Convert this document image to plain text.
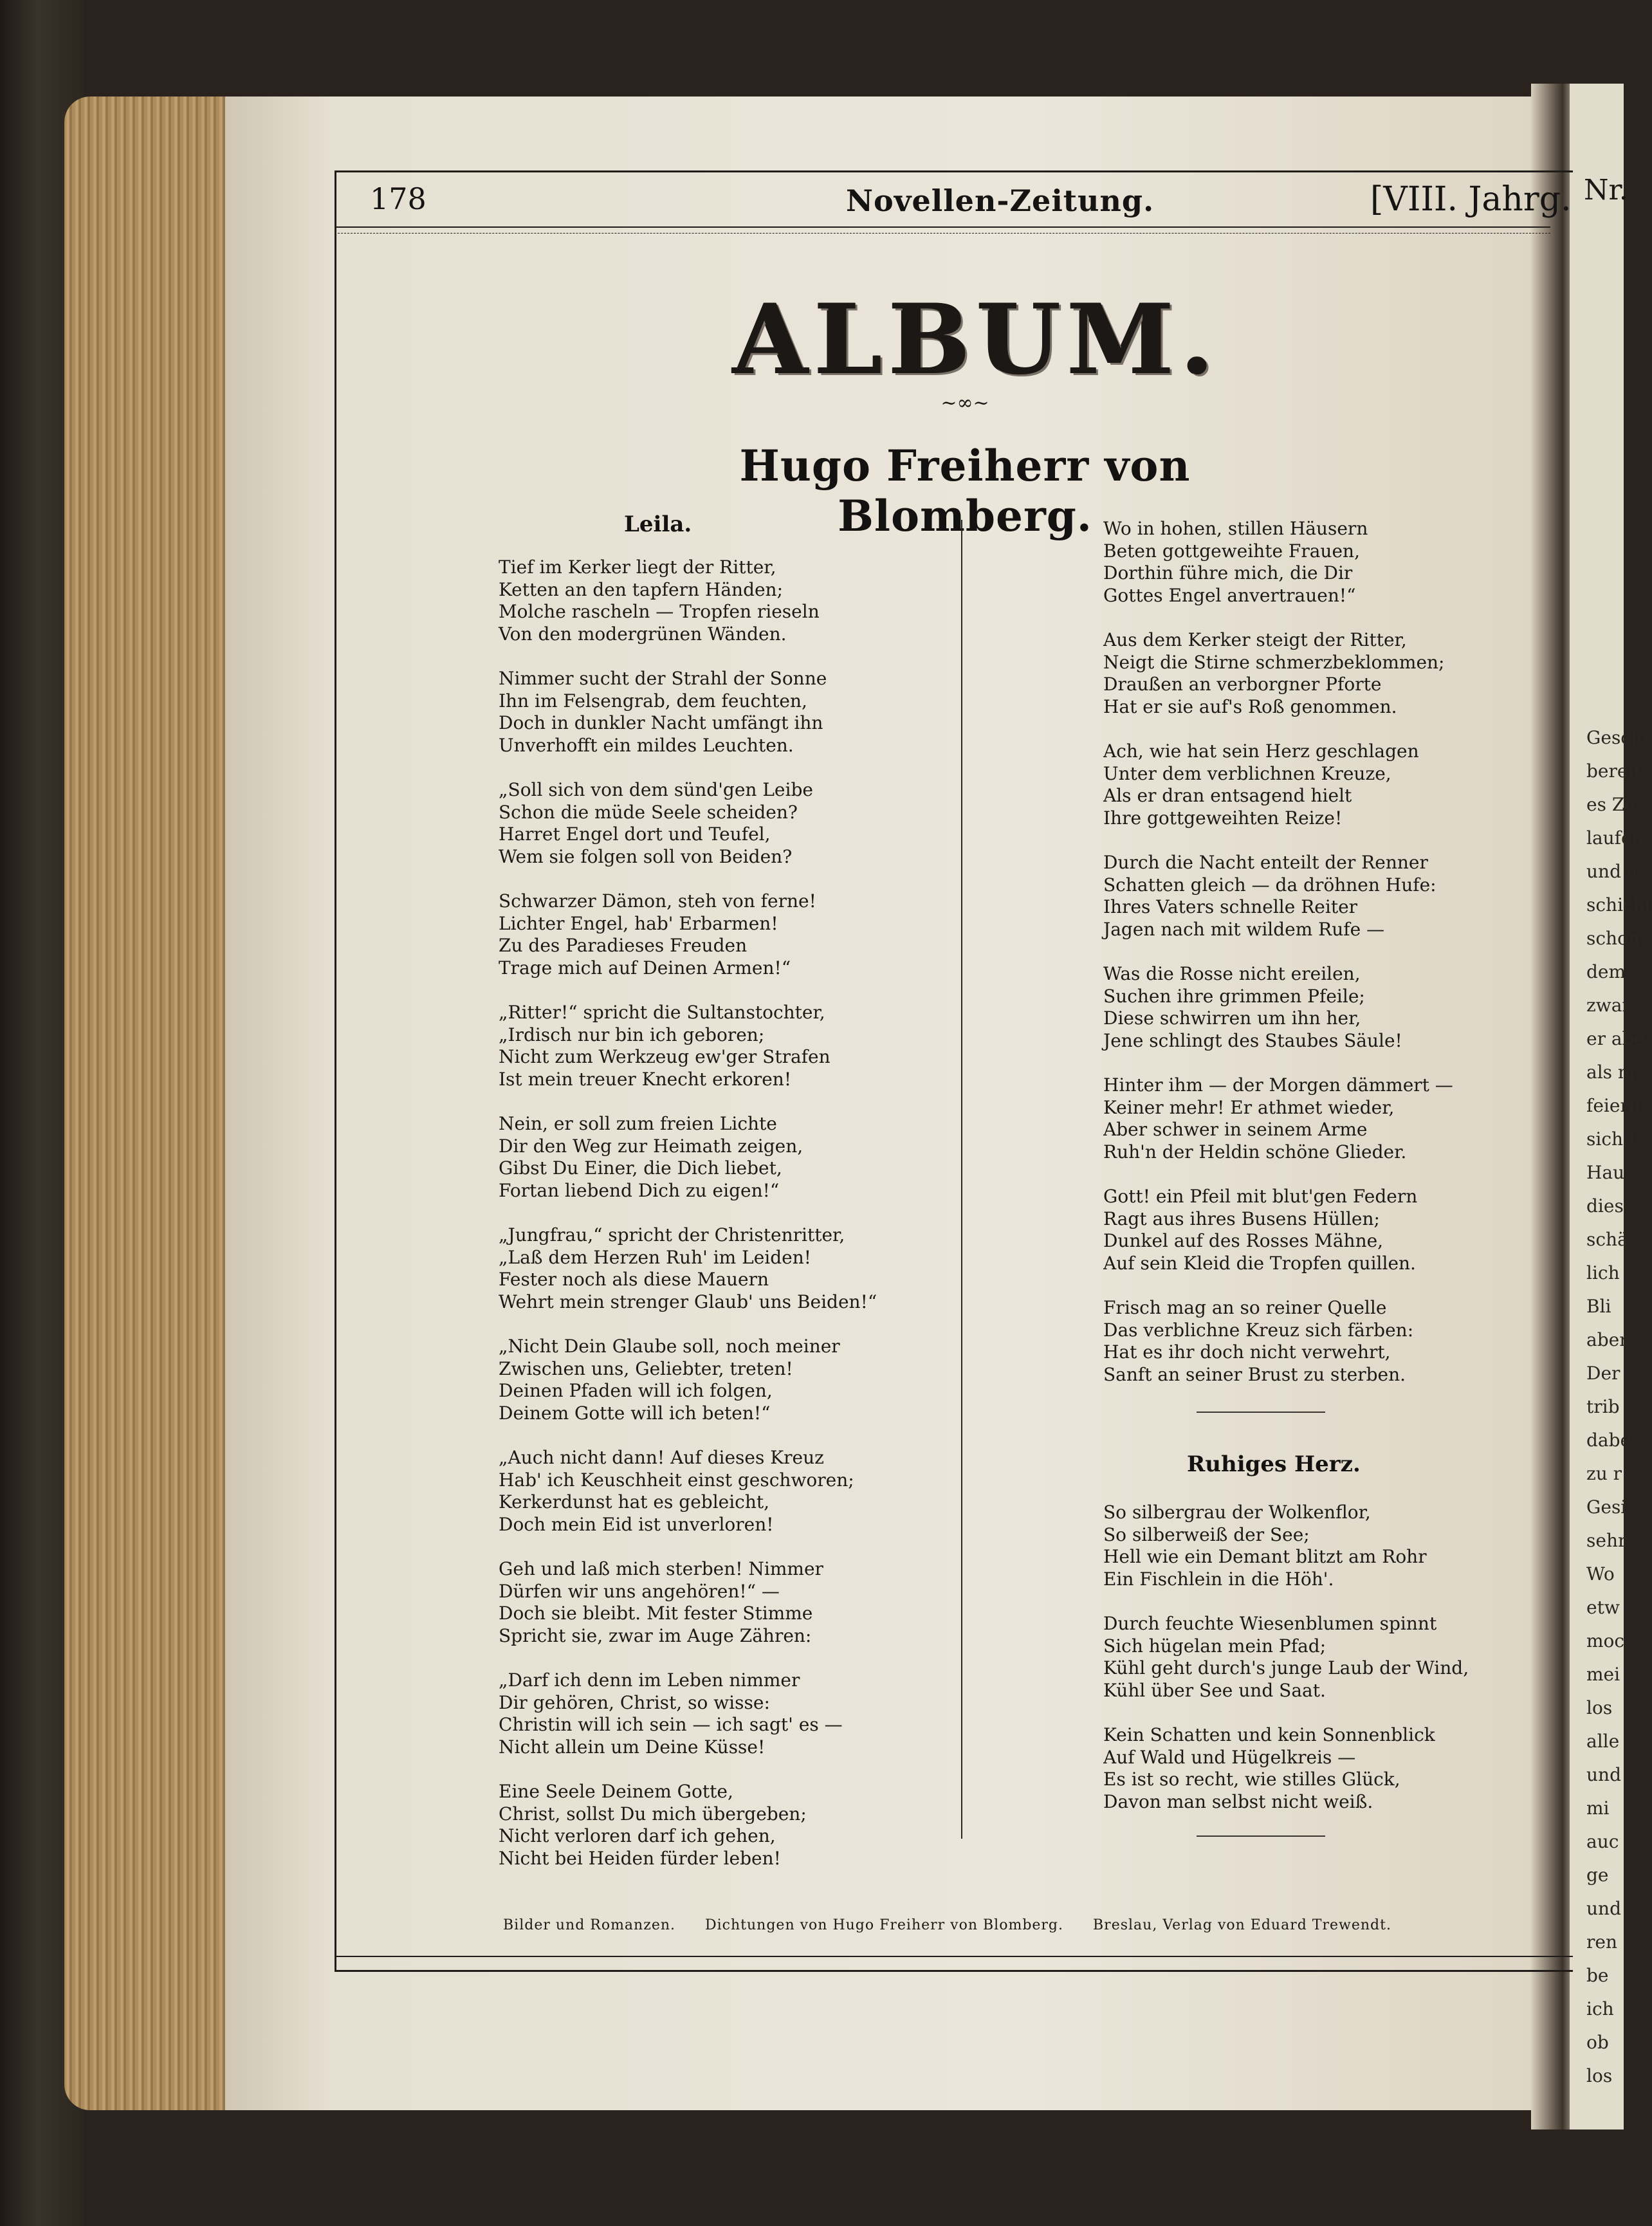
Nr.
Geschi
bereit
es Ze
laufen
und a
schicht
schon
dem
zwar
er abe
als m
feierli
sich l
Hau
dies
schä
lich
Bli
aber
Der
trib
dabe
zu r
Gesi
sehr
Wo
etw
moc
mei
los
alle
und
mi
auc
ge
und
ren
be
ich
ob
los
178	Novellen-Zeitung.	[VIII. Jahrg.
ALBUM.
~∞~
Hugo Freiherr von Blomberg.
Leila.
Tief im Kerker liegt der Ritter,
Ketten an den tapfern Händen;
Molche rascheln — Tropfen rieseln
Von den modergrünen Wänden.
Nimmer sucht der Strahl der Sonne
Ihn im Felsengrab, dem feuchten,
Doch in dunkler Nacht umfängt ihn
Unverhofft ein mildes Leuchten.
„Soll sich von dem sünd'gen Leibe
Schon die müde Seele scheiden?
Harret Engel dort und Teufel,
Wem sie folgen soll von Beiden?
Schwarzer Dämon, steh von ferne!
Lichter Engel, hab' Erbarmen!
Zu des Paradieses Freuden
Trage mich auf Deinen Armen!“
„Ritter!“ spricht die Sultanstochter,
„Irdisch nur bin ich geboren;
Nicht zum Werkzeug ew'ger Strafen
Ist mein treuer Knecht erkoren!
Nein, er soll zum freien Lichte
Dir den Weg zur Heimath zeigen,
Gibst Du Einer, die Dich liebet,
Fortan liebend Dich zu eigen!“
„Jungfrau,“ spricht der Christenritter,
„Laß dem Herzen Ruh' im Leiden!
Fester noch als diese Mauern
Wehrt mein strenger Glaub' uns Beiden!“
„Nicht Dein Glaube soll, noch meiner
Zwischen uns, Geliebter, treten!
Deinen Pfaden will ich folgen,
Deinem Gotte will ich beten!“
„Auch nicht dann! Auf dieses Kreuz
Hab' ich Keuschheit einst geschworen;
Kerkerdunst hat es gebleicht,
Doch mein Eid ist unverloren!
Geh und laß mich sterben! Nimmer
Dürfen wir uns angehören!“ —
Doch sie bleibt. Mit fester Stimme
Spricht sie, zwar im Auge Zähren:
„Darf ich denn im Leben nimmer
Dir gehören, Christ, so wisse:
Christin will ich sein — ich sagt' es —
Nicht allein um Deine Küsse!
Eine Seele Deinem Gotte,
Christ, sollst Du mich übergeben;
Nicht verloren darf ich gehen,
Nicht bei Heiden fürder leben!
Wo in hohen, stillen Häusern
Beten gottgeweihte Frauen,
Dorthin führe mich, die Dir
Gottes Engel anvertrauen!“
Aus dem Kerker steigt der Ritter,
Neigt die Stirne schmerzbeklommen;
Draußen an verborgner Pforte
Hat er sie auf's Roß genommen.
Ach, wie hat sein Herz geschlagen
Unter dem verblichnen Kreuze,
Als er dran entsagend hielt
Ihre gottgeweihten Reize!
Durch die Nacht enteilt der Renner
Schatten gleich — da dröhnen Hufe:
Ihres Vaters schnelle Reiter
Jagen nach mit wildem Rufe —
Was die Rosse nicht ereilen,
Suchen ihre grimmen Pfeile;
Diese schwirren um ihn her,
Jene schlingt des Staubes Säule!
Hinter ihm — der Morgen dämmert —
Keiner mehr! Er athmet wieder,
Aber schwer in seinem Arme
Ruh'n der Heldin schöne Glieder.
Gott! ein Pfeil mit blut'gen Federn
Ragt aus ihres Busens Hüllen;
Dunkel auf des Rosses Mähne,
Auf sein Kleid die Tropfen quillen.
Frisch mag an so reiner Quelle
Das verblichne Kreuz sich färben:
Hat es ihr doch nicht verwehrt,
Sanft an seiner Brust zu sterben.
Ruhiges Herz.
So silbergrau der Wolkenflor,
So silberweiß der See;
Hell wie ein Demant blitzt am Rohr
Ein Fischlein in die Höh'.
Durch feuchte Wiesenblumen spinnt
Sich hügelan mein Pfad;
Kühl geht durch's junge Laub der Wind,
Kühl über See und Saat.
Kein Schatten und kein Sonnenblick
Auf Wald und Hügelkreis —
Es ist so recht, wie stilles Glück,
Davon man selbst nicht weiß.
Bilder und Romanzen. Dichtungen von Hugo Freiherr von Blomberg. Breslau, Verlag von Eduard Trewendt.
